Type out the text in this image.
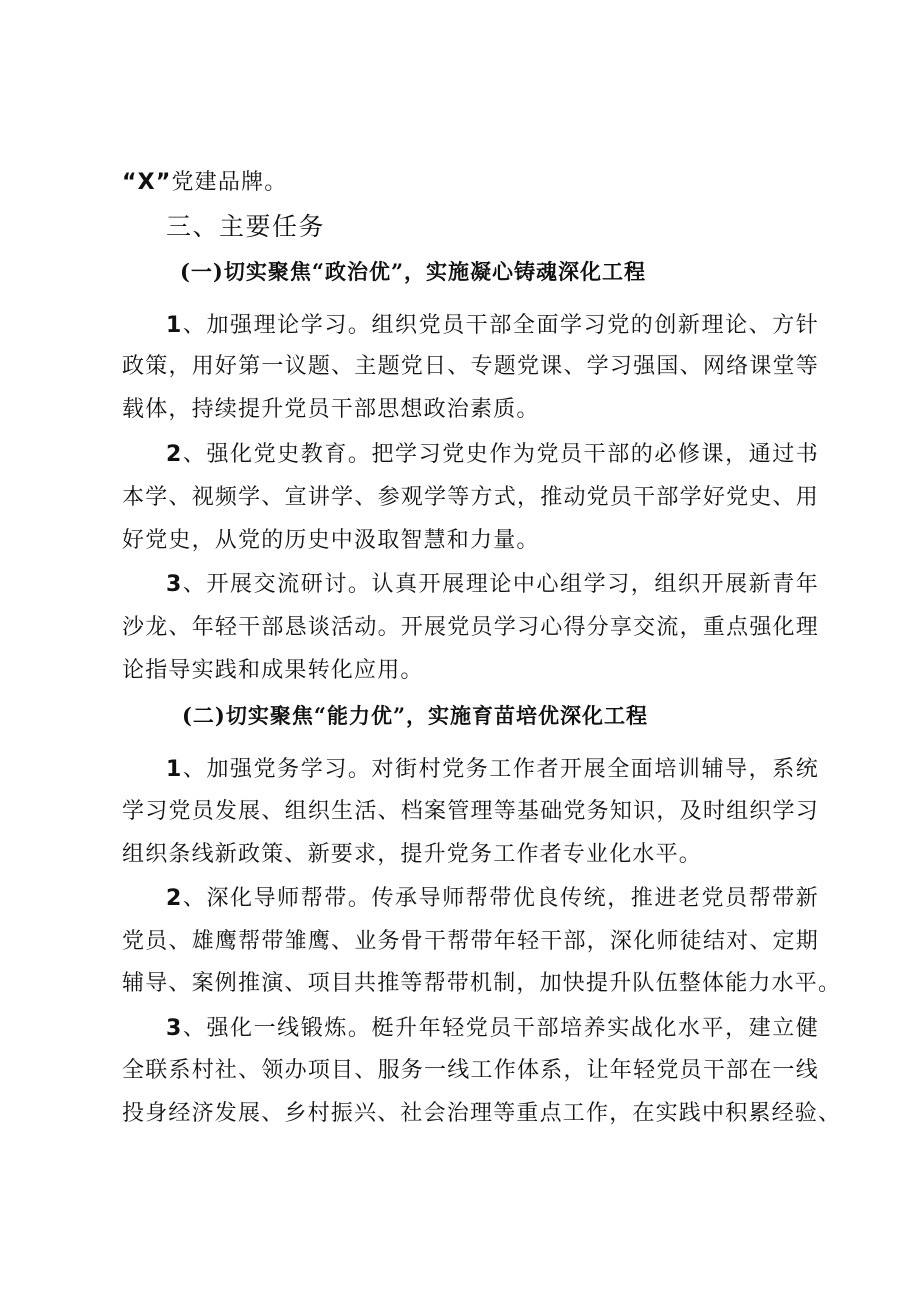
“X”党建品牌。
三、主要任务
(一)切实聚焦“政治优”，实施凝心铸魂深化工程
1、加强理论学习。组织党员干部全面学习党的创新理论、方针
政策，用好第一议题、主题党日、专题党课、学习强国、网络课堂等
载体，持续提升党员干部思想政治素质。
2、强化党史教育。把学习党史作为党员干部的必修课，通过书
本学、视频学、宣讲学、参观学等方式，推动党员干部学好党史、用
好党史，从党的历史中汲取智慧和力量。
3、开展交流研讨。认真开展理论中心组学习，组织开展新青年
沙龙、年轻干部恳谈活动。开展党员学习心得分享交流，重点强化理
论指导实践和成果转化应用。
(二)切实聚焦“能力优”，实施育苗培优深化工程
1、加强党务学习。对街村党务工作者开展全面培训辅导，系统
学习党员发展、组织生活、档案管理等基础党务知识，及时组织学习
组织条线新政策、新要求，提升党务工作者专业化水平。
2、深化导师帮带。传承导师帮带优良传统，推进老党员帮带新
党员、雄鹰帮带雏鹰、业务骨干帮带年轻干部，深化师徒结对、定期
辅导、案例推演、项目共推等帮带机制，加快提升队伍整体能力水平。
3、强化一线锻炼。梃升年轻党员干部培养实战化水平，建立健
全联系村社、领办项目、服务一线工作体系，让年轻党员干部在一线
投身经济发展、乡村振兴、社会治理等重点工作，在实践中积累经验、
